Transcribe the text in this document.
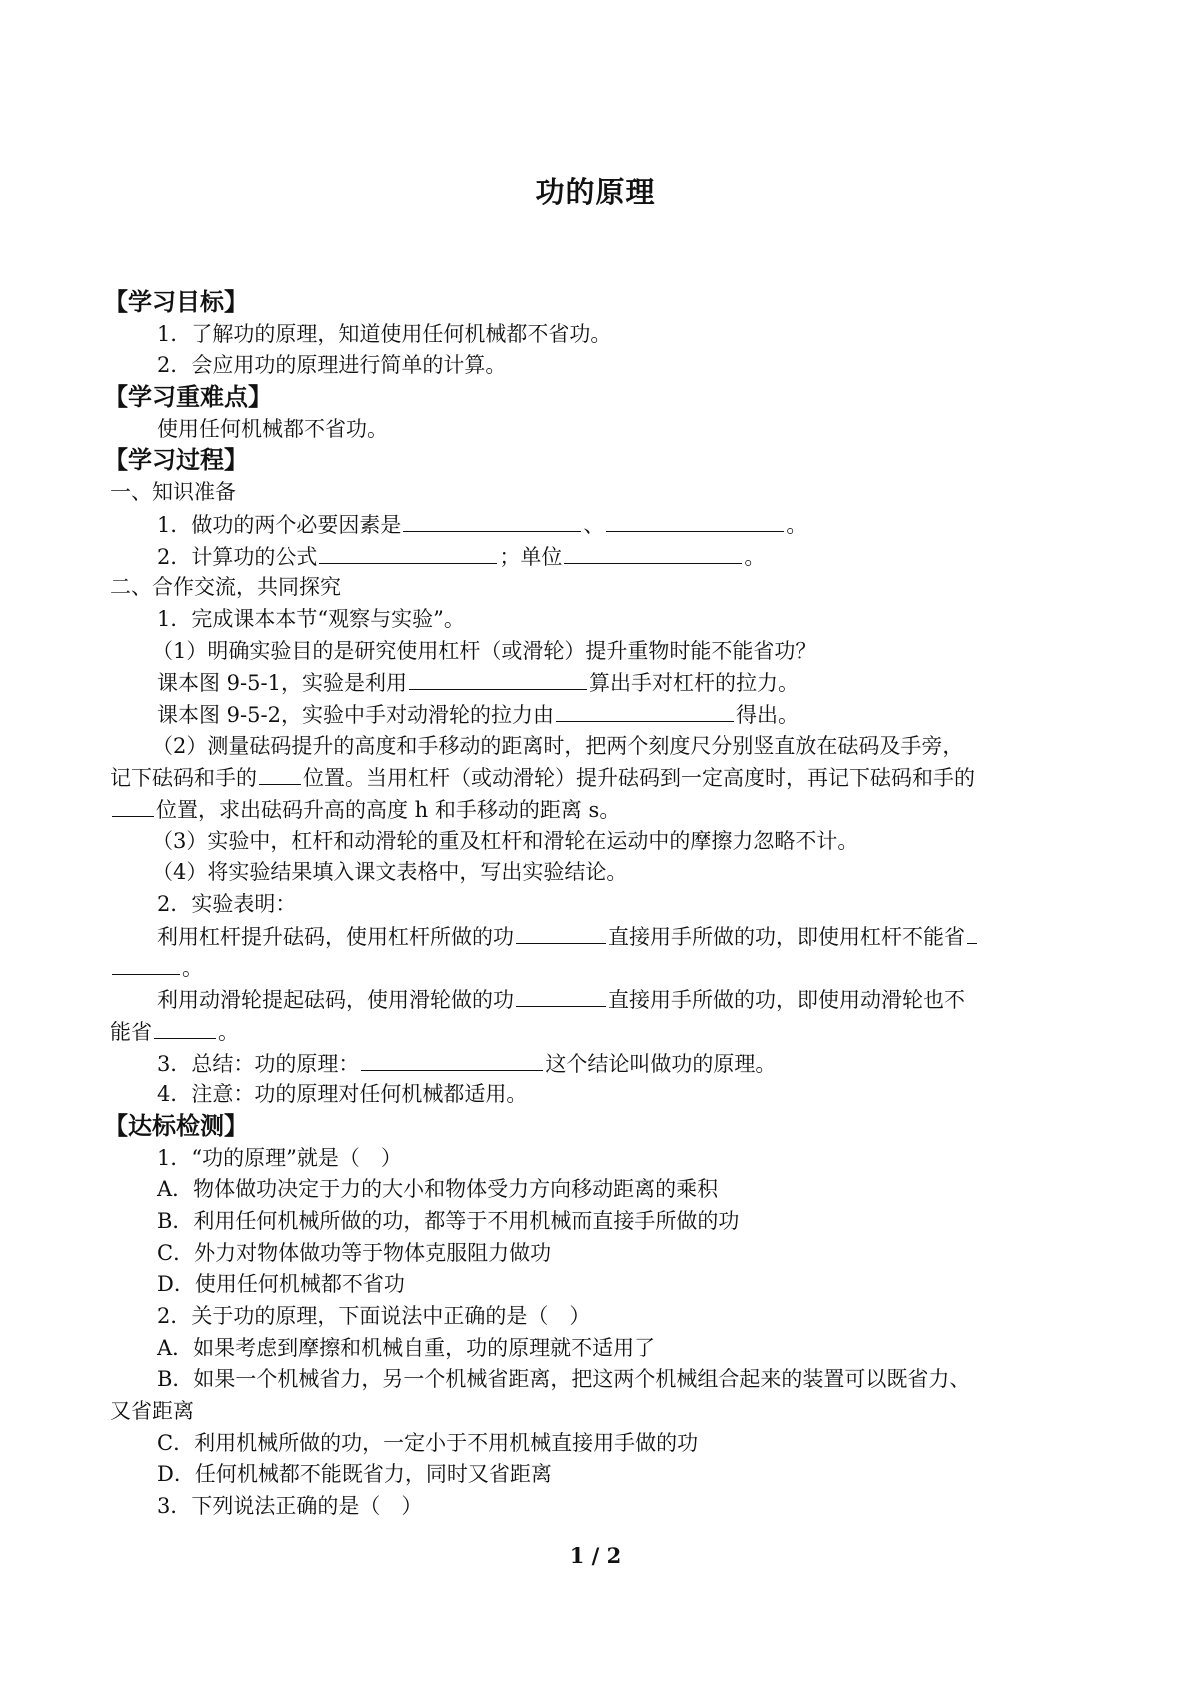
功的原理
【学习目标】
1．了解功的原理，知道使用任何机械都不省功。
2．会应用功的原理进行简单的计算。
【学习重难点】
使用任何机械都不省功。
【学习过程】
一、知识准备
1．做功的两个必要因素是	、	。
2．计算功的公式	；单位	。
二、合作交流，共同探究
1．完成课本本节“观察与实验”。
（1）明确实验目的是研究使用杠杆（或滑轮）提升重物时能不能省功？
课本图 9-5-1，实验是利用	算出手对杠杆的拉力。
课本图 9-5-2，实验中手对动滑轮的拉力由	得出。
（2）测量砝码提升的高度和手移动的距离时，把两个刻度尺分别竖直放在砝码及手旁，
记下砝码和手的 位置。当用杠杆（或动滑轮）提升砝码到一定高度时，再记下砝码和手的
位置，求出砝码升高的高度 h 和手移动的距离 s。
（3）实验中，杠杆和动滑轮的重及杠杆和滑轮在运动中的摩擦力忽略不计。
（4）将实验结果填入课文表格中，写出实验结论。
2．实验表明：
利用杠杆提升砝码，使用杠杆所做的功	直接用手所做的功，即使用杠杆不能省
。
利用动滑轮提起砝码，使用滑轮做的功	直接用手所做的功，即使用动滑轮也不
能省	。
3．总结：功的原理：	这个结论叫做功的原理。
4．注意：功的原理对任何机械都适用。
【达标检测】
1．“功的原理”就是（　）
A．物体做功决定于力的大小和物体受力方向移动距离的乘积
B．利用任何机械所做的功，都等于不用机械而直接手所做的功
C．外力对物体做功等于物体克服阻力做功
D．使用任何机械都不省功
2．关于功的原理，下面说法中正确的是（　）
A．如果考虑到摩擦和机械自重，功的原理就不适用了
B．如果一个机械省力，另一个机械省距离，把这两个机械组合起来的装置可以既省力、
又省距离
C．利用机械所做的功，一定小于不用机械直接用手做的功
D．任何机械都不能既省力，同时又省距离
3．下列说法正确的是（　）
1 / 2
